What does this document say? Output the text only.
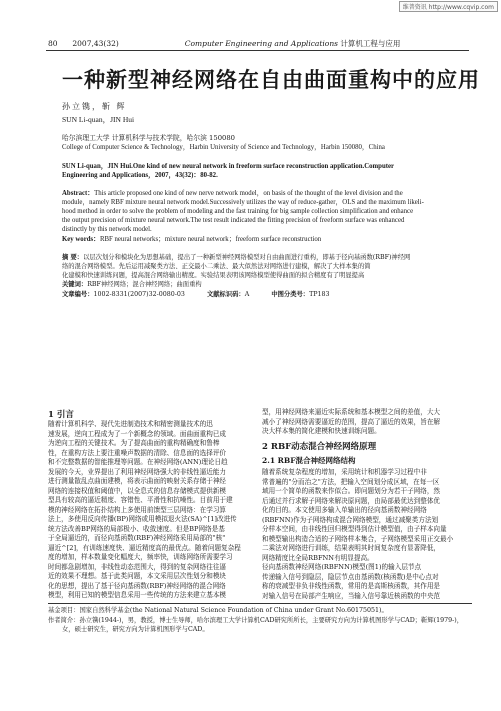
维普资讯 http://www.cqvip.com
80 2007,43(32)	Computer Engineering and Applications 计算机工程与应用
一种新型神经网络在自由曲面重构中的应用
孙立镌，靳 辉
SUN Li-quan，JIN Hui
哈尔滨理工大学 计算机科学与技术学院，哈尔滨 150080
College of Computer Science & Technology，Harbin University of Science and Technology，Harbin 150080，China
SUN Li-quan，JIN Hui.One kind of new neural network in freeform surface reconstruction application.Computer
Engineering and Applications，2007，43(32)：80-82.
Abstract：This article proposed one kind of new nerve network model，on basis of the thought of the level division and the
module，namely RBF mixture neural network model.Successively utilizes the way of reduce-gather，OLS and the maximum likeli-
hood method in order to solve the problem of modeling and the fast training for big sample collection simplification and enhance
the output precision of mixture neural network.The test result indicated the fitting precision of freeform surface was enhanced
distinctly by this network model.
Key words：RBF neural networks；mixture neural network；freeform surface reconstruction
摘 要：以层次划分和模块化为思想基础，提出了一种新型神经网络模型对自由曲面进行重构，即基于径向基函数(RBF)神经网
络的混合网络模型。先后运用减聚类方法、正交最小二乘法、最大似然法对网络进行建模，解决了大样本集的简
化建模和快速训练问题，提高混合网络输出精度。实验结果表明该网络模型使得曲面的拟合精度有了明显提高
关键词：RBF神经网络；混合神经网络；曲面重构
文章编号：1002-8331(2007)32-0080-03	文献标识码：A	中图分类号：TP183
1 引言
随着计算机科学、现代先进制造技术和精密测量技术的迅
速发展，逆向工程成为了一个新概念的领域。面曲面重构已成
为逆向工程的关键技术。为了提高曲面的重构精确度和鲁棒
性，在重构方法上要注重噪声数据的清除、信息面的选择评价
和不完整数据的智能推理等问题。在神经网络(ANN)理论日趋
发展的今天，业界提出了利用神经网络强大的非线性逼近能力
进行测量散乱点曲面建模，将表示曲面的映射关系存储于神经
网络的连接权值和阈值中，以全息式的信息存储模式提供新模
型具有较高的逼近精度、容错性、平滑性和抗噪性。目前用于建
模的神经网络在拓扑结构上多使用前馈型三层网络：在学习算
法上，多使用反向传播(BP)网络或用模拟退火法(SA)^[1]改进传
统方法改善BP网络的局部极小、收敛速度。但是BP网络是基
于全局逼近的，而径向基函数(RBF)神经网络采用局部的"核"
逼近^[2]，有训练速度快、逼近精度高的最优点。随着问题复杂程
度的增加，样本数量变化幅度大，频率快，训练网络所需要学习
时间都急剧增加，非线性动态范围大，得到的复杂网络往往逼
近的效果不理想。基于此类问题，本文采用层次性划分和模块
化的思想，提出了基于径向基函数(RBF)神经网络的混合网络
模型，利用已知的模型信息采用一些传统的方法来建立基本模
型，用神经网络来逼近实际系统和基本模型之间的差值，大大
减小了神经网络需要逼近的范围，提高了逼近的效果，旨在解
决大样本集的简化建模和快速训练问题。
2 RBF动态混合神经网络原理
2.1 RBF混合神经网络结构
随着系统复杂程度的增加，采用统计和机器学习过程中非
常普遍的"分而治之"方法，把输入空间划分成区域，在每一区
域用一个简单的函数来作似合。即问题划分为若干子网络，然
后通过并行求解子网络来解决原问题，由局部最优达到整体优
化的目的。本文使用多输入单输出的径向基函数神经网络
(RBFNN)作为子网络构成混合网络模型，通过减聚类方法划
分样本空间，由非线性回归模型得到估计模型值，由子样本向量
和模型输出构造合适的子网络样本集合，子网络模型采用正交最小
二乘法对网络进行训练，结果表明其时间复杂度有显著降低，
网络精度比全局RBFNN有明显提高。
径向基函数神经网络(RBFNN)模型(图1)的输入层节点
传递输入信号到隐层，隐层节点由基函数(核函数)是中心点对
称的衰减型非负非线性函数，常用的是高斯核函数，其作用是
对输入信号在局部产生响应，当输入信号靠近核函数的中央范
基金项目：国家自然科学基金(the National Natural Science Foundation of China under Grant No.60175051)。
作者简介：孙立镌(1944-)，男，教授，博士生导师，哈尔滨理工大学计算机CAD研究所所长，主要研究方向为计算机图形学与CAD；靳辉(1979-)，
女，硕士研究生，研究方向为计算机图形学与CAD。
